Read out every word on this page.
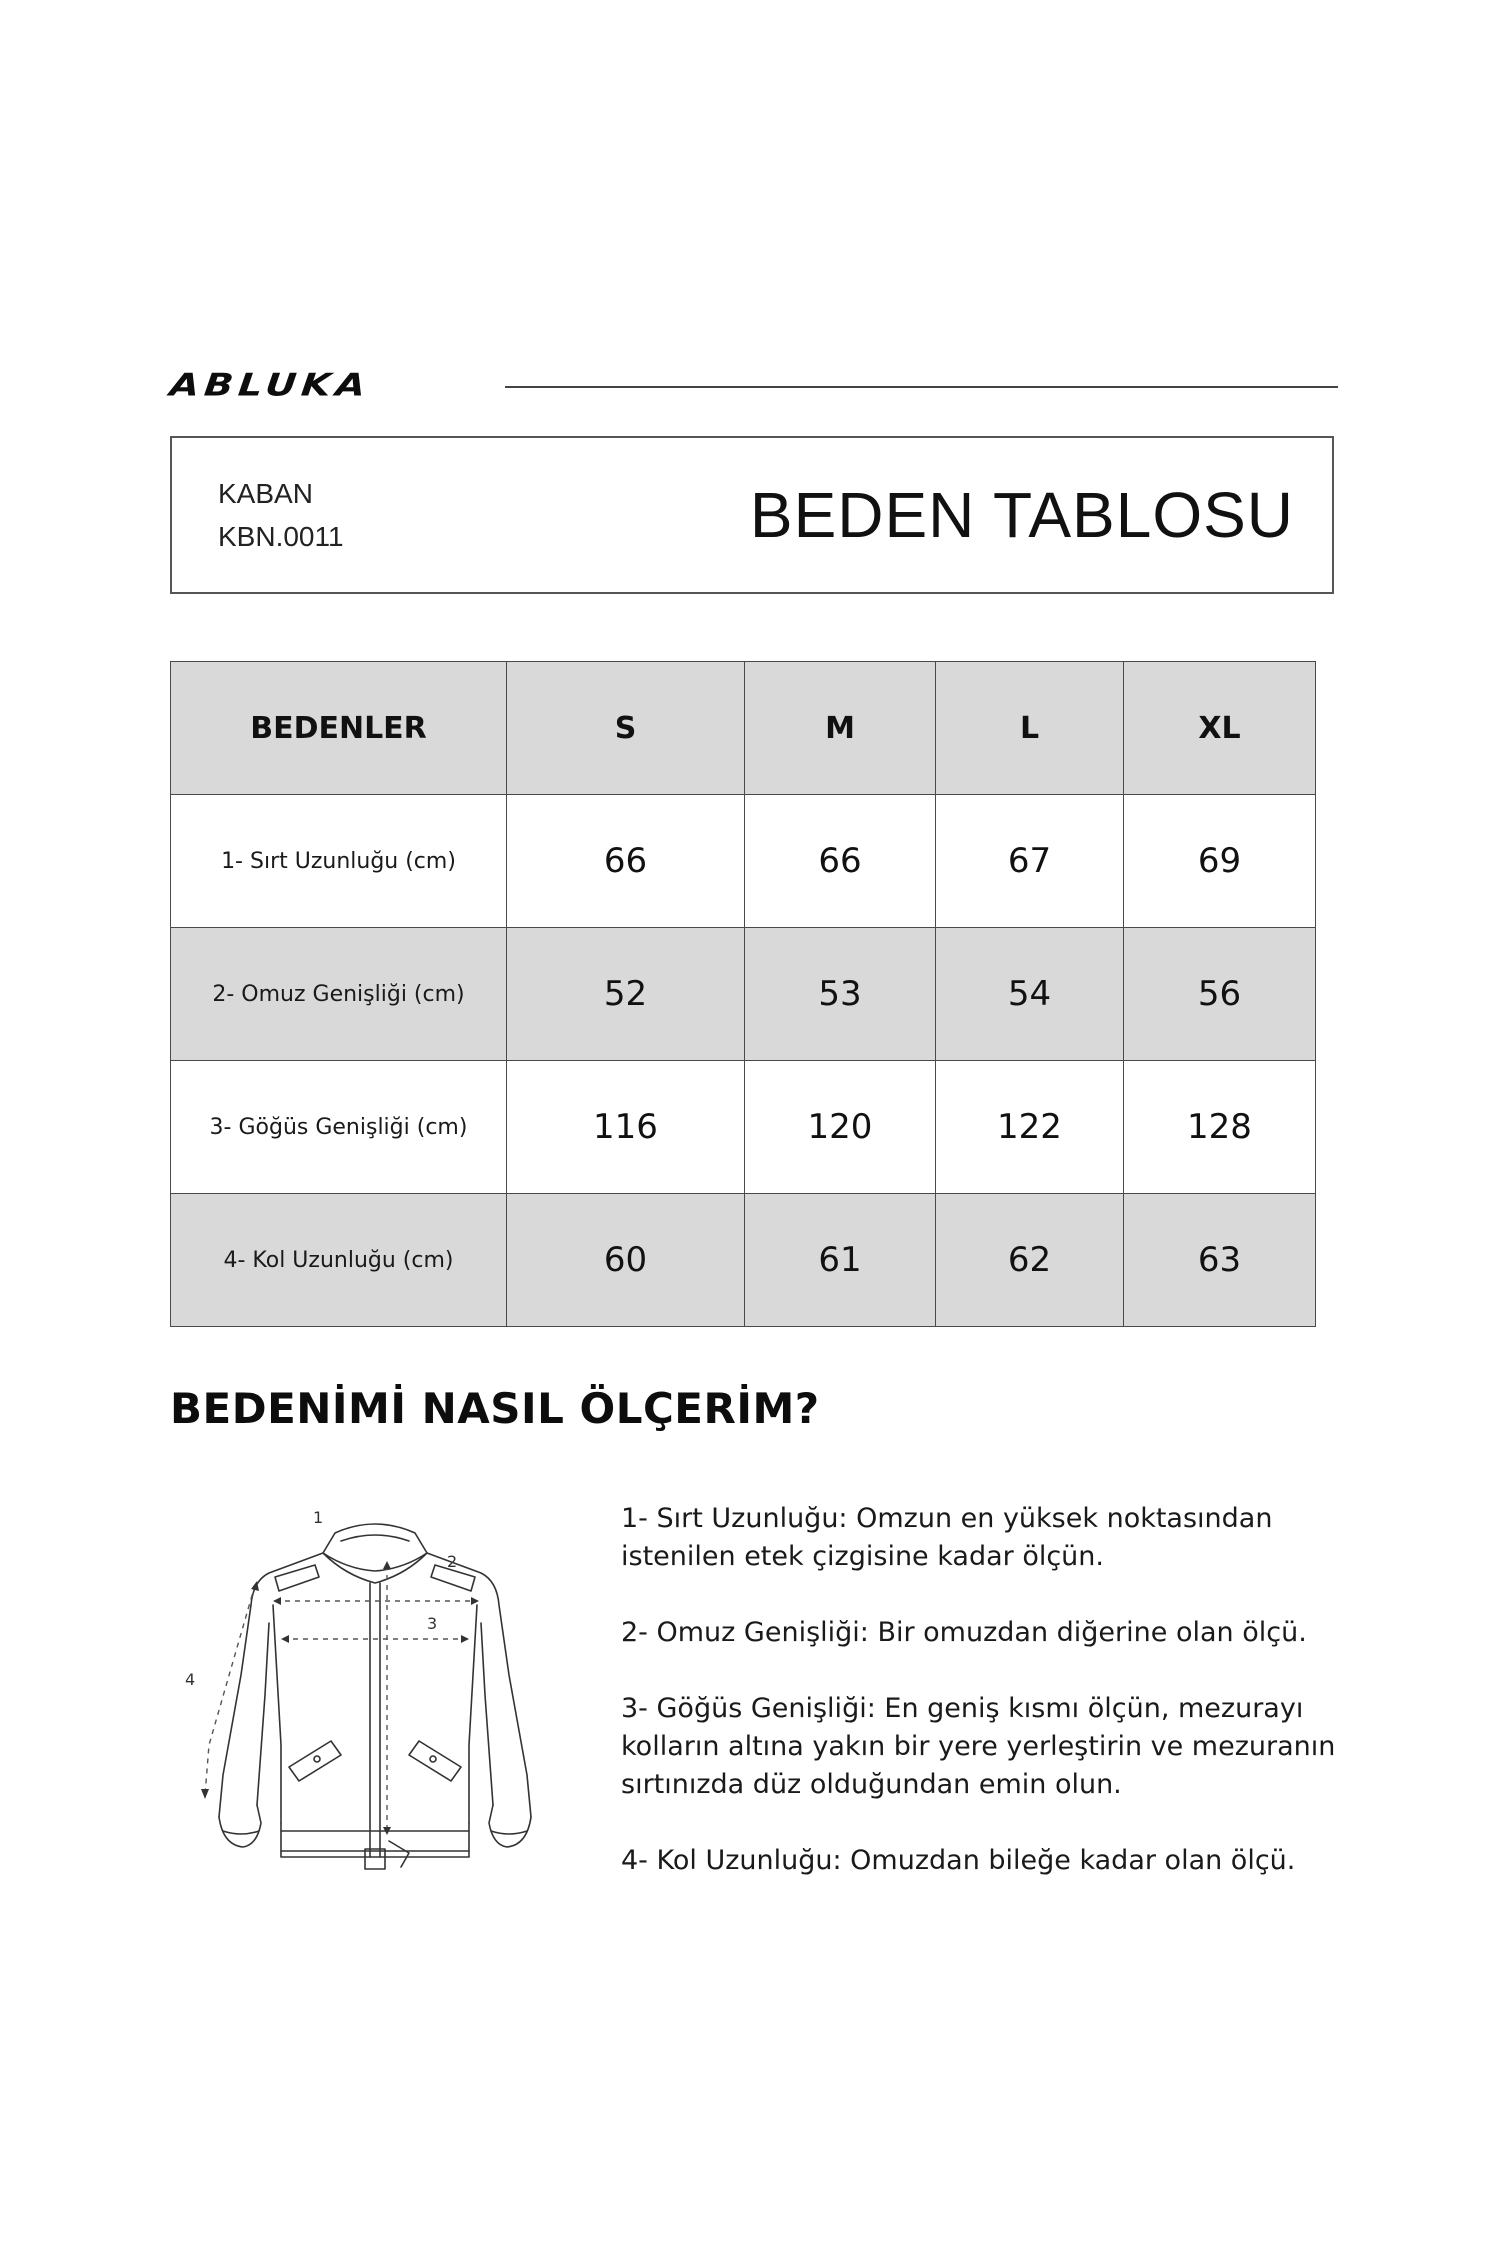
ABLUKA
KABAN
KBN.0011	BEDEN TABLOSU
BEDENLER	S	M	L	XL
1- Sırt Uzunluğu (cm)	66	66	67	69
2- Omuz Genişliği (cm)	52	53	54	56
3- Göğüs Genişliği (cm)	116	120	122	128
4- Kol Uzunluğu (cm)	60	61	62	63
BEDENİMİ NASIL ÖLÇERİM?
1
2
3
4

1- Sırt Uzunluğu: Omzun en yüksek noktasından istenilen etek çizgisine kadar ölçün.

2- Omuz Genişliği: Bir omuzdan diğerine olan ölçü.

3- Göğüs Genişliği: En geniş kısmı ölçün, mezurayı kolların altına yakın bir yere yerleştirin ve mezuranın sırtınızda düz olduğundan emin olun.

4- Kol Uzunluğu: Omuzdan bileğe kadar olan ölçü.
